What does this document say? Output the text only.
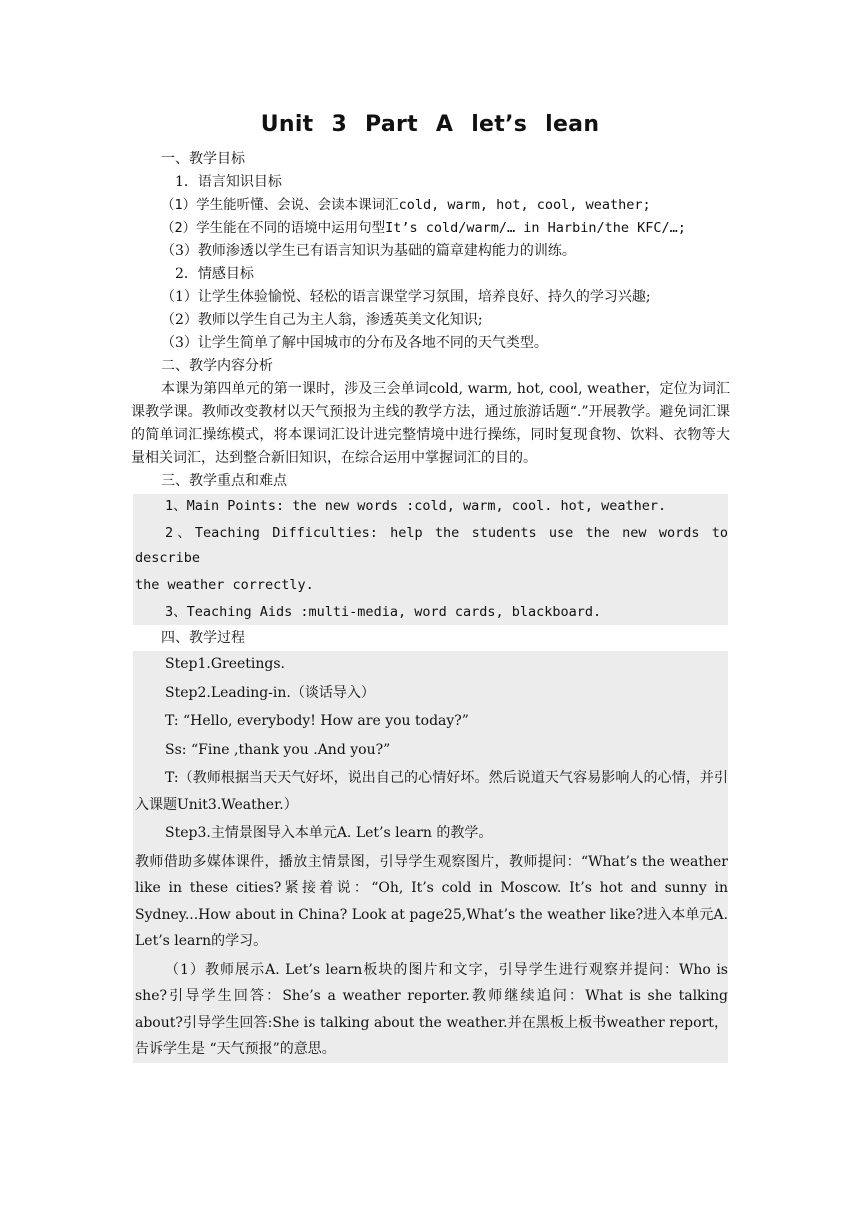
Unit 3 Part A let’s lean

一、教学目标

1．语言知识目标

（1）学生能听懂、会说、会读本课词汇cold, warm, hot, cool, weather;

（2）学生能在不同的语境中运用句型It’s cold/warm/… in Harbin/the KFC/…;

（3）教师渗透以学生已有语言知识为基础的篇章建构能力的训练。

2．情感目标

（1）让学生体验愉悦、轻松的语言课堂学习氛围，培养良好、持久的学习兴趣;

（2）教师以学生自己为主人翁，渗透英美文化知识;

（3）让学生简单了解中国城市的分布及各地不同的天气类型。

二、教学内容分析

本课为第四单元的第一课时，涉及三会单词cold, warm, hot, cool, weather，定位为词汇课教学课。教师改变教材以天气预报为主线的教学方法，通过旅游话题“.”开展教学。避免词汇课的简单词汇操练模式，将本课词汇设计进完整情境中进行操练，同时复现食物、饮料、衣物等大量相关词汇，达到整合新旧知识，在综合运用中掌握词汇的目的。

三、教学重点和难点

1、Main Points: the new words :cold, warm, cool. hot, weather.

2、Teaching Difficulties: help the students use the new words to describe

the weather correctly.

3、Teaching Aids :multi-media, word cards, blackboard.

四、教学过程

Step1.Greetings.

Step2.Leading-in.（谈话导入）

T: “Hello, everybody! How are you today?”

Ss: “Fine ,thank you .And you?”

T:（教师根据当天天气好坏，说出自己的心情好坏。然后说道天气容易影响人的心情，并引入课题Unit3.Weather.）

Step3.主情景图导入本单元A. Let’s learn 的教学。

教师借助多媒体课件，播放主情景图，引导学生观察图片，教师提问：“What’s the weather like in these cities?紧接着说：“Oh, It’s cold in Moscow. It’s hot and sunny in Sydney...How about in China? Look at page25,What’s the weather like?进入本单元A. Let’s learn的学习。

（1）教师展示A. Let’s learn板块的图片和文字，引导学生进行观察并提问：Who is she?引导学生回答：She’s a weather reporter.教师继续追问：What is she talking about?引导学生回答:She is talking about the weather.并在黑板上板书weather report，告诉学生是 “天气预报”的意思。
